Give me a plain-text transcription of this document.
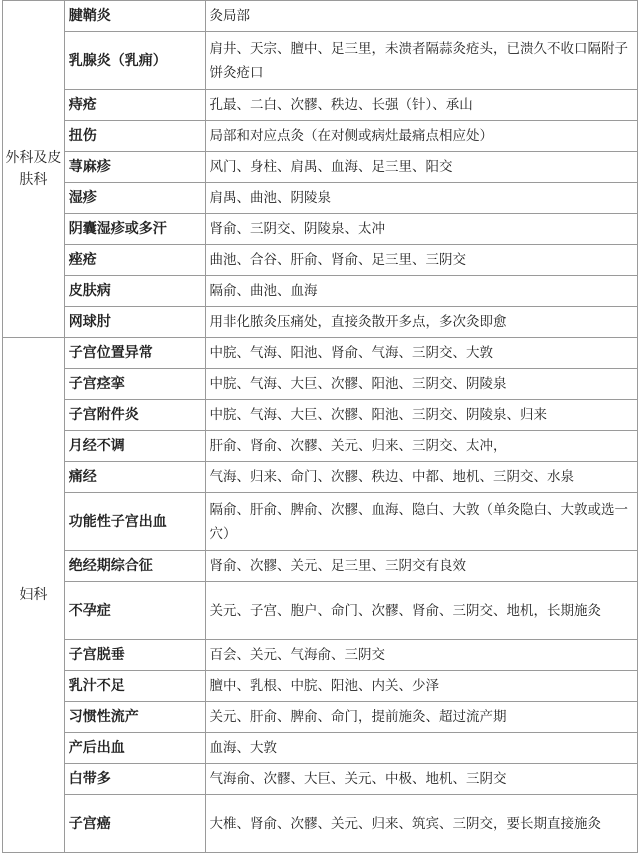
外科及皮肤科	腱鞘炎	灸局部
	乳腺炎（乳痈）	肩井、天宗、膻中、足三里，未溃者隔蒜灸疮头，已溃久不收口隔附子饼灸疮口
	痔疮	孔最、二白、次髎、秩边、长强（针）、承山
	扭伤	局部和对应点灸（在对侧或病灶最痛点相应处）
	荨麻疹	风门、身柱、肩禺、血海、足三里、阳交
	湿疹	肩禺、曲池、阴陵泉
	阴囊湿疹或多汗	肾俞、三阴交、阴陵泉、太冲
	痤疮	曲池、合谷、肝俞、肾俞、足三里、三阴交
	皮肤病	隔俞、曲池、血海
	网球肘	用非化脓灸压痛处，直接灸散开多点，多次灸即愈
妇科	子宫位置异常	中脘、气海、阳池、肾俞、气海、三阴交、大敦
	子宫痉挛	中脘、气海、大巨、次髎、阳池、三阴交、阴陵泉
	子宫附件炎	中脘、气海、大巨、次髎、阳池、三阴交、阴陵泉、归来
	月经不调	肝俞、肾俞、次髎、关元、归来、三阴交、太冲，
	痛经	气海、归来、命门、次髎、秩边、中都、地机、三阴交、水泉
	功能性子宫出血	隔俞、肝俞、脾俞、次髎、血海、隐白、大敦（单灸隐白、大敦或选一穴）
	绝经期综合征	肾俞、次髎、关元、足三里、三阴交有良效
	不孕症	关元、子宫、胞户、命门、次髎、肾俞、三阴交、地机，长期施灸
	子宫脱垂	百会、关元、气海俞、三阴交
	乳汁不足	膻中、乳根、中脘、阳池、内关、少泽
	习惯性流产	关元、肝俞、脾俞、命门，提前施灸、超过流产期
	产后出血	血海、大敦
	白带多	气海俞、次髎、大巨、关元、中极、地机、三阴交
	子宫癌	大椎、肾俞、次髎、关元、归来、筑宾、三阴交，要长期直接施灸
